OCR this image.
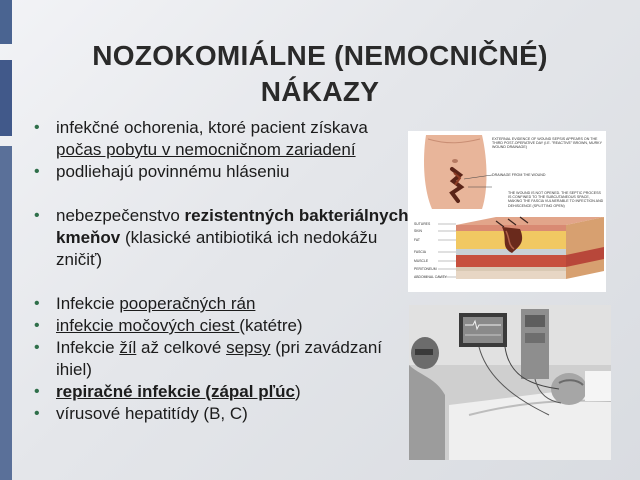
NOZOKOMIÁLNE (NEMOCNIČNÉ)
NÁKAZY
• infekčné ochorenia, ktoré pacient získava počas pobytu v nemocničnom zariadení
• podliehajú povinnému hláseniu
• nebezpečenstvo rezistentných bakteriálnych kmeňov (klasické antibiotiká ich nedokážu zničiť)
• Infekcie pooperačných rán
• infekcie močových ciest (katétre)
• Infekcie žíl až celkové sepsy (pri zavádzaní ihiel)
• repiračné infekcie (zápal pľúc)
• vírusové hepatitídy (B, C)
EXTERNAL EVIDENCE OF WOUND SEPSIS APPEARS ON THE THIRD POST-OPERATIVE DAY (I.E. "REACTIVE" BROWN, MURKY WOUND DRAINAGE)
DRAINAGE FROM THE WOUND
THE WOUND IS NOT OPENED. THE SEPTIC PROCESS IS CONFINED TO THE SUBCUTANEOUS SPACE, MAKING THE FASCIA VULNERABLE TO INFECTION AND DEHISCENCE (SPLITTING OPEN)
SUTURES
SKIN
FAT
FASCIA
MUSCLE
PERITONEUM
ABDOMINAL CAVITY
